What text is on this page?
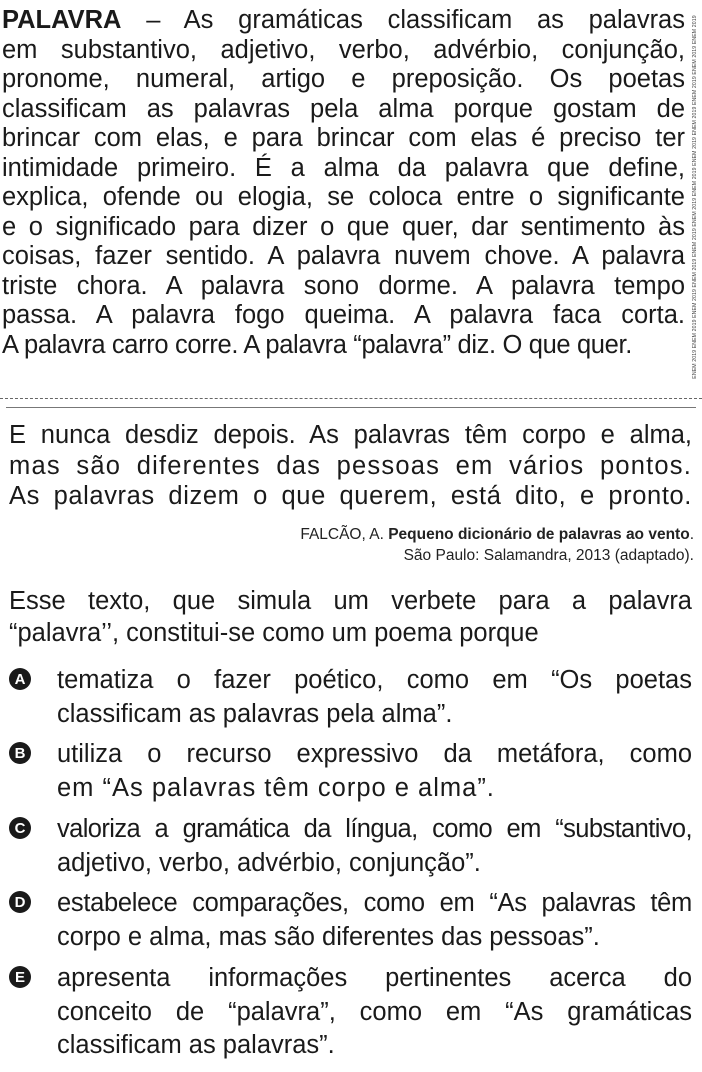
PALAVRA – As gramáticas classificam as palavras
em substantivo, adjetivo, verbo, advérbio, conjunção,
pronome, numeral, artigo e preposição. Os poetas
classificam as palavras pela alma porque gostam de
brincar com elas, e para brincar com elas é preciso ter
intimidade primeiro. É a alma da palavra que define,
explica, ofende ou elogia, se coloca entre o significante
e o significado para dizer o que quer, dar sentimento às
coisas, fazer sentido. A palavra nuvem chove. A palavra
triste chora. A palavra sono dorme. A palavra tempo
passa. A palavra fogo queima. A palavra faca corta.
A palavra carro corre. A palavra “palavra” diz. O que quer.	ENEM 2019 ENEM 2019 ENEM 2019 ENEM 2019 ENEM 2019 ENEM 2019 ENEM 2019 ENEM 2019 ENEM 2019 ENEM 2019 ENEM 2019 ENEM 2019
E nunca desdiz depois. As palavras têm corpo e alma,
mas são diferentes das pessoas em vários pontos.
As palavras dizem o que querem, está dito, e pronto.
FALCÃO, A. Pequeno dicionário de palavras ao vento.
São Paulo: Salamandra, 2013 (adaptado).
Esse texto, que simula um verbete para a palavra
“palavra’’, constitui-se como um poema porque
A tematiza o fazer poético, como em “Os poetas
classificam as palavras pela alma”.
B utiliza o recurso expressivo da metáfora, como
em “As palavras têm corpo e alma”.
C valoriza a gramática da língua, como em “substantivo,
adjetivo, verbo, advérbio, conjunção”.
D estabelece comparações, como em “As palavras têm
corpo e alma, mas são diferentes das pessoas”.
E apresenta informações pertinentes acerca do
conceito de “palavra”, como em “As gramáticas
classificam as palavras”.
